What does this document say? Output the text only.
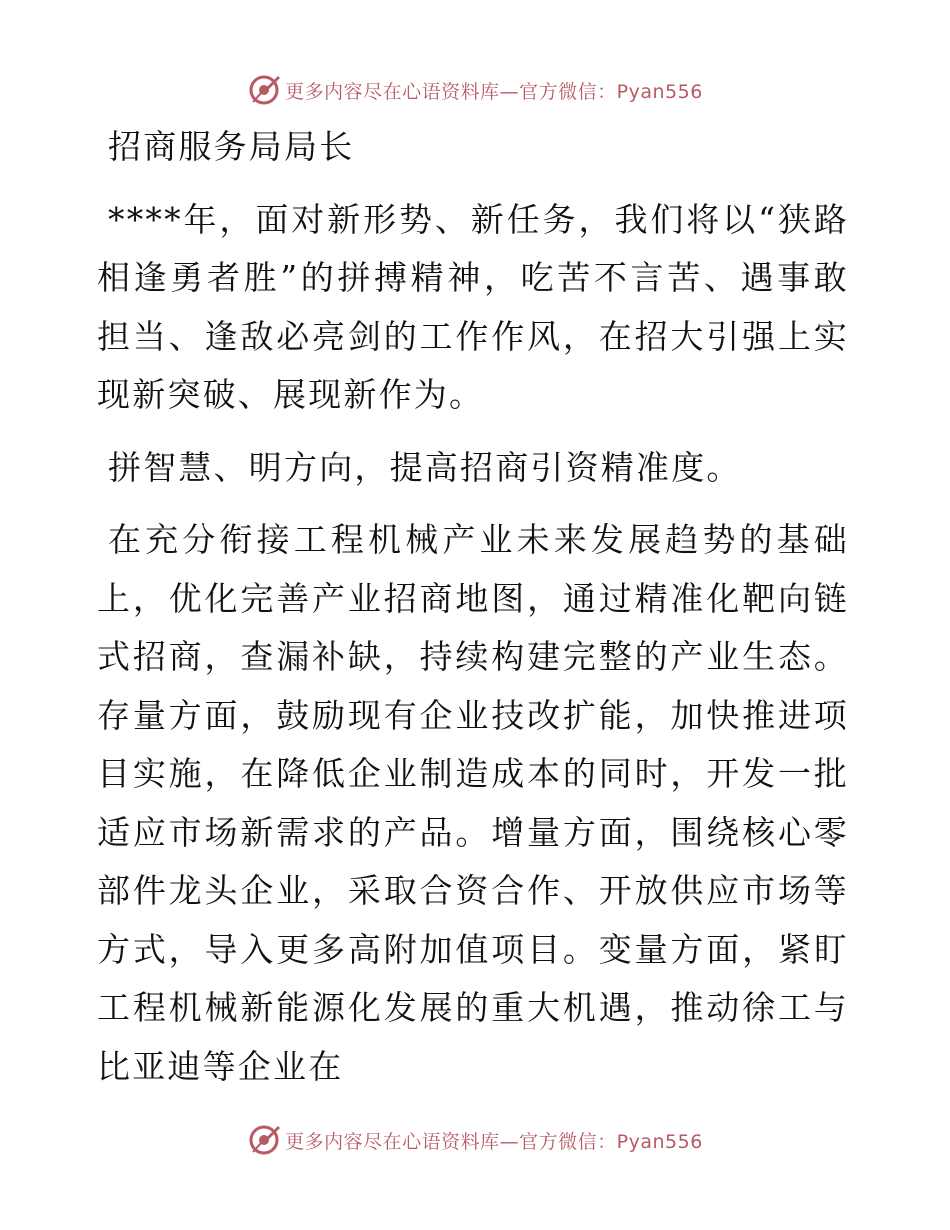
更多内容尽在心语资料库—官方微信：Pyan556

招商服务局局长

****年，面对新形势、新任务，我们将以“狭路相逢勇者胜”的拼搏精神，吃苦不言苦、遇事敢担当、逢敌必亮剑的工作作风，在招大引强上实现新突破、展现新作为。

拼智慧、明方向，提高招商引资精准度。

在充分衔接工程机械产业未来发展趋势的基础上，优化完善产业招商地图，通过精准化靶向链式招商，查漏补缺，持续构建完整的产业生态。存量方面，鼓励现有企业技改扩能，加快推进项目实施，在降低企业制造成本的同时，开发一批适应市场新需求的产品。增量方面，围绕核心零部件龙头企业，采取合资合作、开放供应市场等方式，导入更多高附加值项目。变量方面，紧盯工程机械新能源化发展的重大机遇，推动徐工与比亚迪等企业在

更多内容尽在心语资料库—官方微信：Pyan556
